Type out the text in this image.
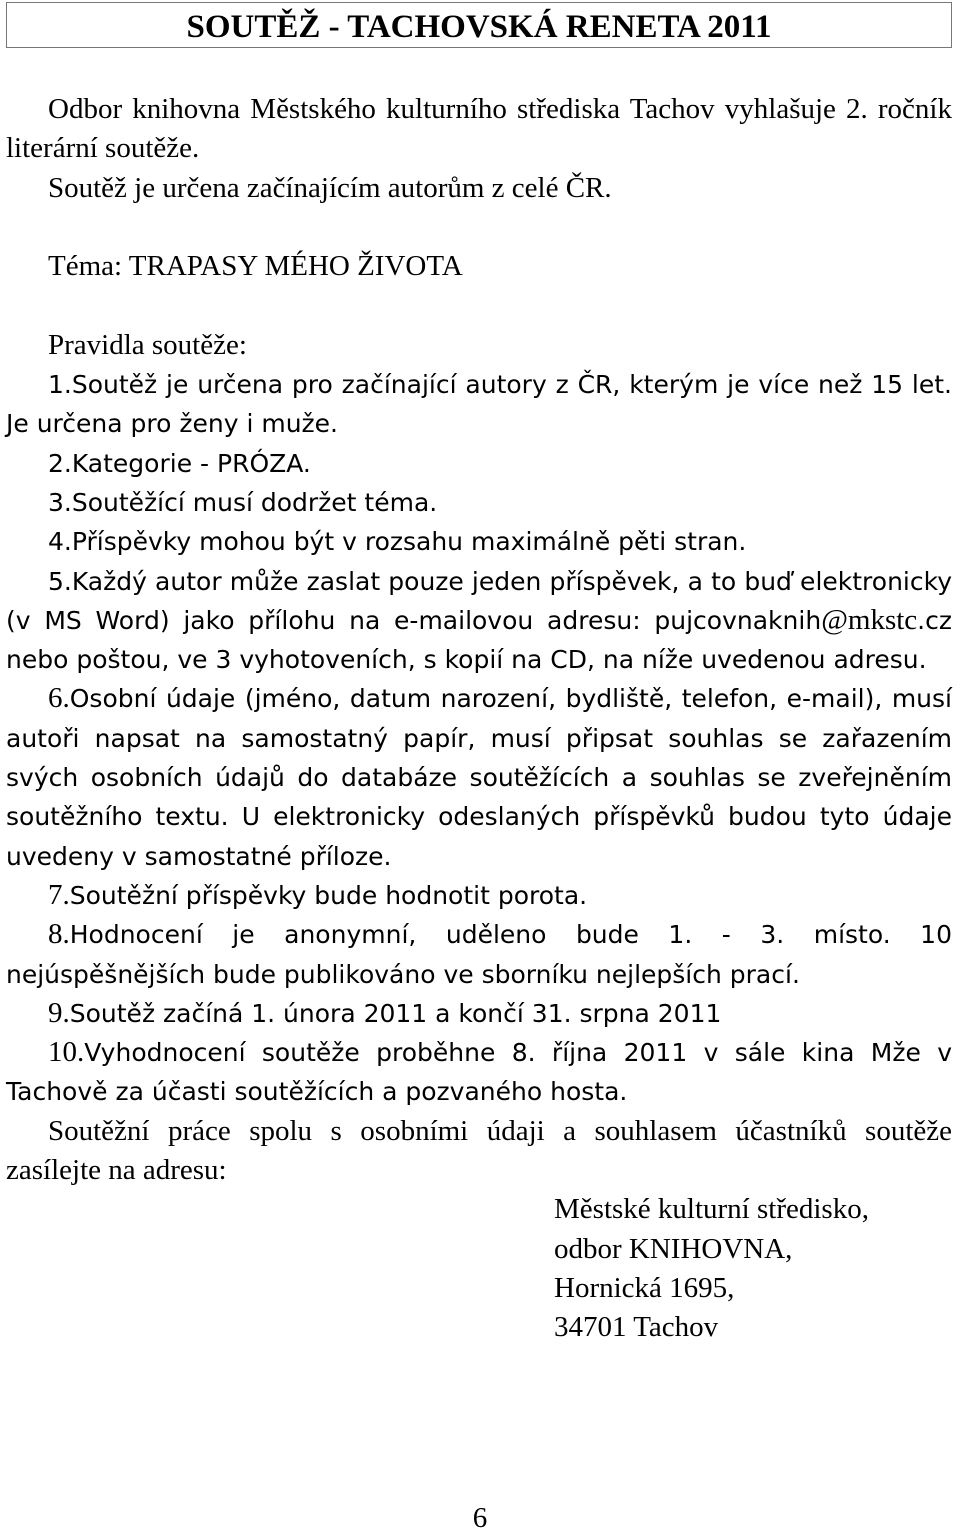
SOUTĚŽ - TACHOVSKÁ RENETA 2011

Odbor knihovna Městského kulturního střediska Tachov vyhlašuje 2. ročník literární soutěže.

Soutěž je určena začínajícím autorům z celé ČR.

Téma: TRAPASY MÉHO ŽIVOTA

Pravidla soutěže:

1.Soutěž je určena pro začínající autory z ČR, kterým je více než 15 let. Je určena pro ženy i muže.

2.Kategorie - PRÓZA.

3.Soutěžící musí dodržet téma.

4.Příspěvky mohou být v rozsahu maximálně pěti stran.

5.Každý autor může zaslat pouze jeden příspěvek, a to buď elektronicky (v MS Word) jako přílohu na e-mailovou adresu: pujcovnaknih@mkstc.cz nebo poštou, ve 3 vyhotoveních, s kopií na CD, na níže uvedenou adresu.

6.Osobní údaje (jméno, datum narození, bydliště, telefon, e-mail), musí autoři napsat na samostatný papír, musí připsat souhlas se zařazením svých osobních údajů do databáze soutěžících a souhlas se zveřejněním soutěžního textu. U elektronicky odeslaných příspěvků budou tyto údaje uvedeny v samostatné příloze.

7.Soutěžní příspěvky bude hodnotit porota.

8.Hodnocení je anonymní, uděleno bude 1. - 3. místo. 10 nejúspěšnějších bude publikováno ve sborníku nejlepších prací.

9.Soutěž začíná 1. února 2011 a končí 31. srpna 2011

10.Vyhodnocení soutěže proběhne 8. října 2011 v sále kina Mže v Tachově za účasti soutěžících a pozvaného hosta.

Soutěžní práce spolu s osobními údaji a souhlasem účastníků soutěže zasílejte na adresu:

Městské kulturní středisko,

odbor KNIHOVNA,

Hornická 1695,

34701 Tachov

6
